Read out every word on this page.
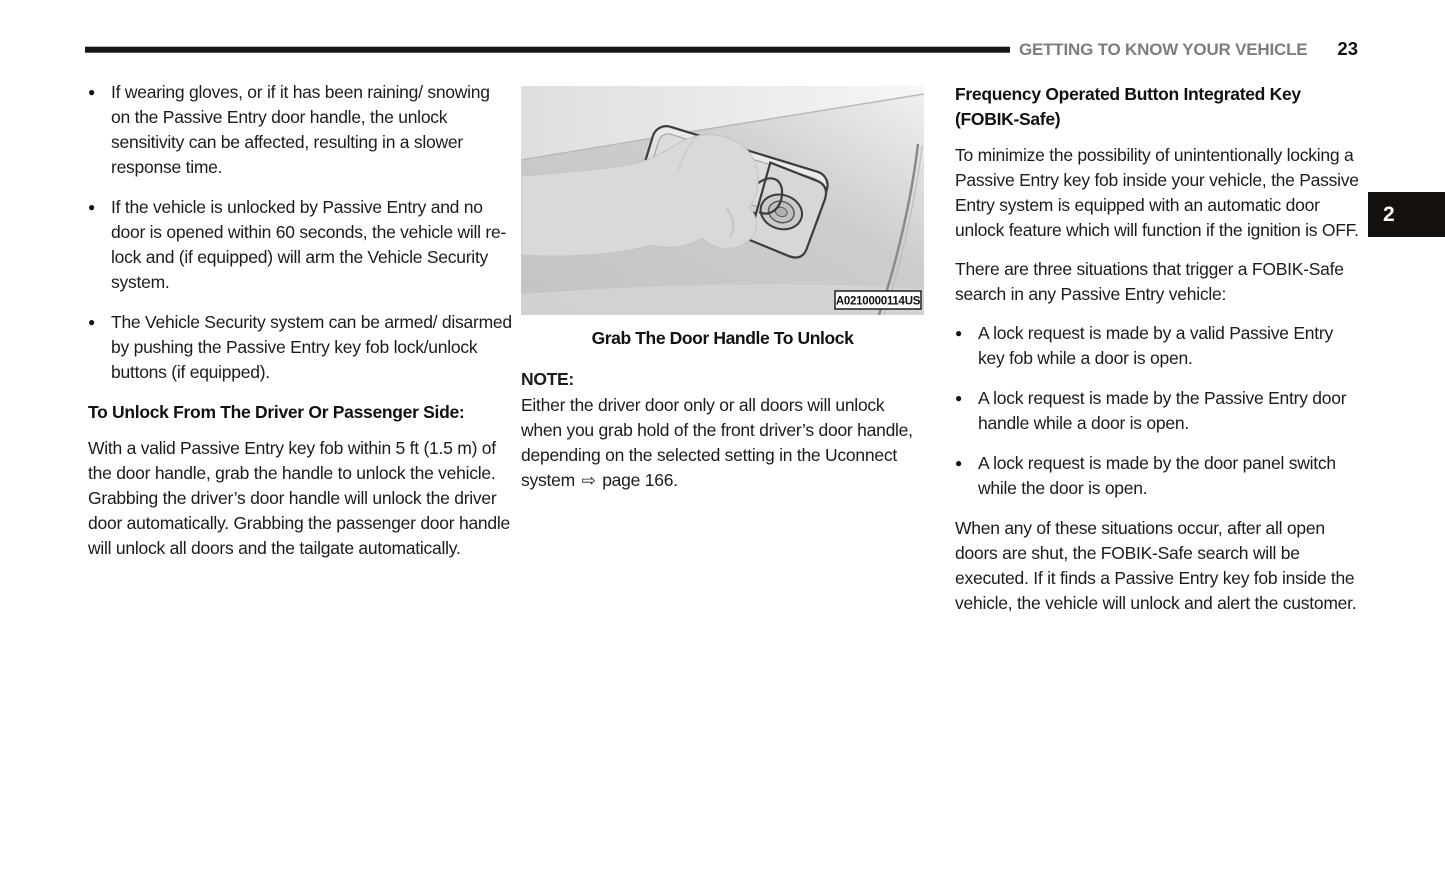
GETTING TO KNOW YOUR VEHICLE 23
2
● If wearing gloves, or if it has been raining/ snowing on the Passive Entry door handle, the unlock sensitivity can be affected, resulting in a slower response time.
● If the vehicle is unlocked by Passive Entry and no door is opened within 60 seconds, the vehicle will re-lock and (if equipped) will arm the Vehicle Security system.
● The Vehicle Security system can be armed/ disarmed by pushing the Passive Entry key fob lock/unlock buttons (if equipped).
To Unlock From The Driver Or Passenger Side:

With a valid Passive Entry key fob within 5 ft (1.5 m) of the door handle, grab the handle to unlock the vehicle. Grabbing the driver’s door handle will unlock the driver door automatically. Grabbing the passenger door handle will unlock all doors and the tailgate automatically.

A0210000114US
Grab The Door Handle To Unlock
NOTE:

Either the driver door only or all doors will unlock when you grab hold of the front driver’s door handle, depending on the selected setting in the Uconnect system ⇨ page 166.

Frequency Operated Button Integrated Key (FOBIK-Safe)

To minimize the possibility of unintentionally locking a Passive Entry key fob inside your vehicle, the Passive Entry system is equipped with an automatic door unlock feature which will function if the ignition is OFF.

There are three situations that trigger a FOBIK-Safe search in any Passive Entry vehicle:

● A lock request is made by a valid Passive Entry key fob while a door is open.
● A lock request is made by the Passive Entry door handle while a door is open.
● A lock request is made by the door panel switch while the door is open.

When any of these situations occur, after all open doors are shut, the FOBIK-Safe search will be executed. If it finds a Passive Entry key fob inside the vehicle, the vehicle will unlock and alert the customer.
